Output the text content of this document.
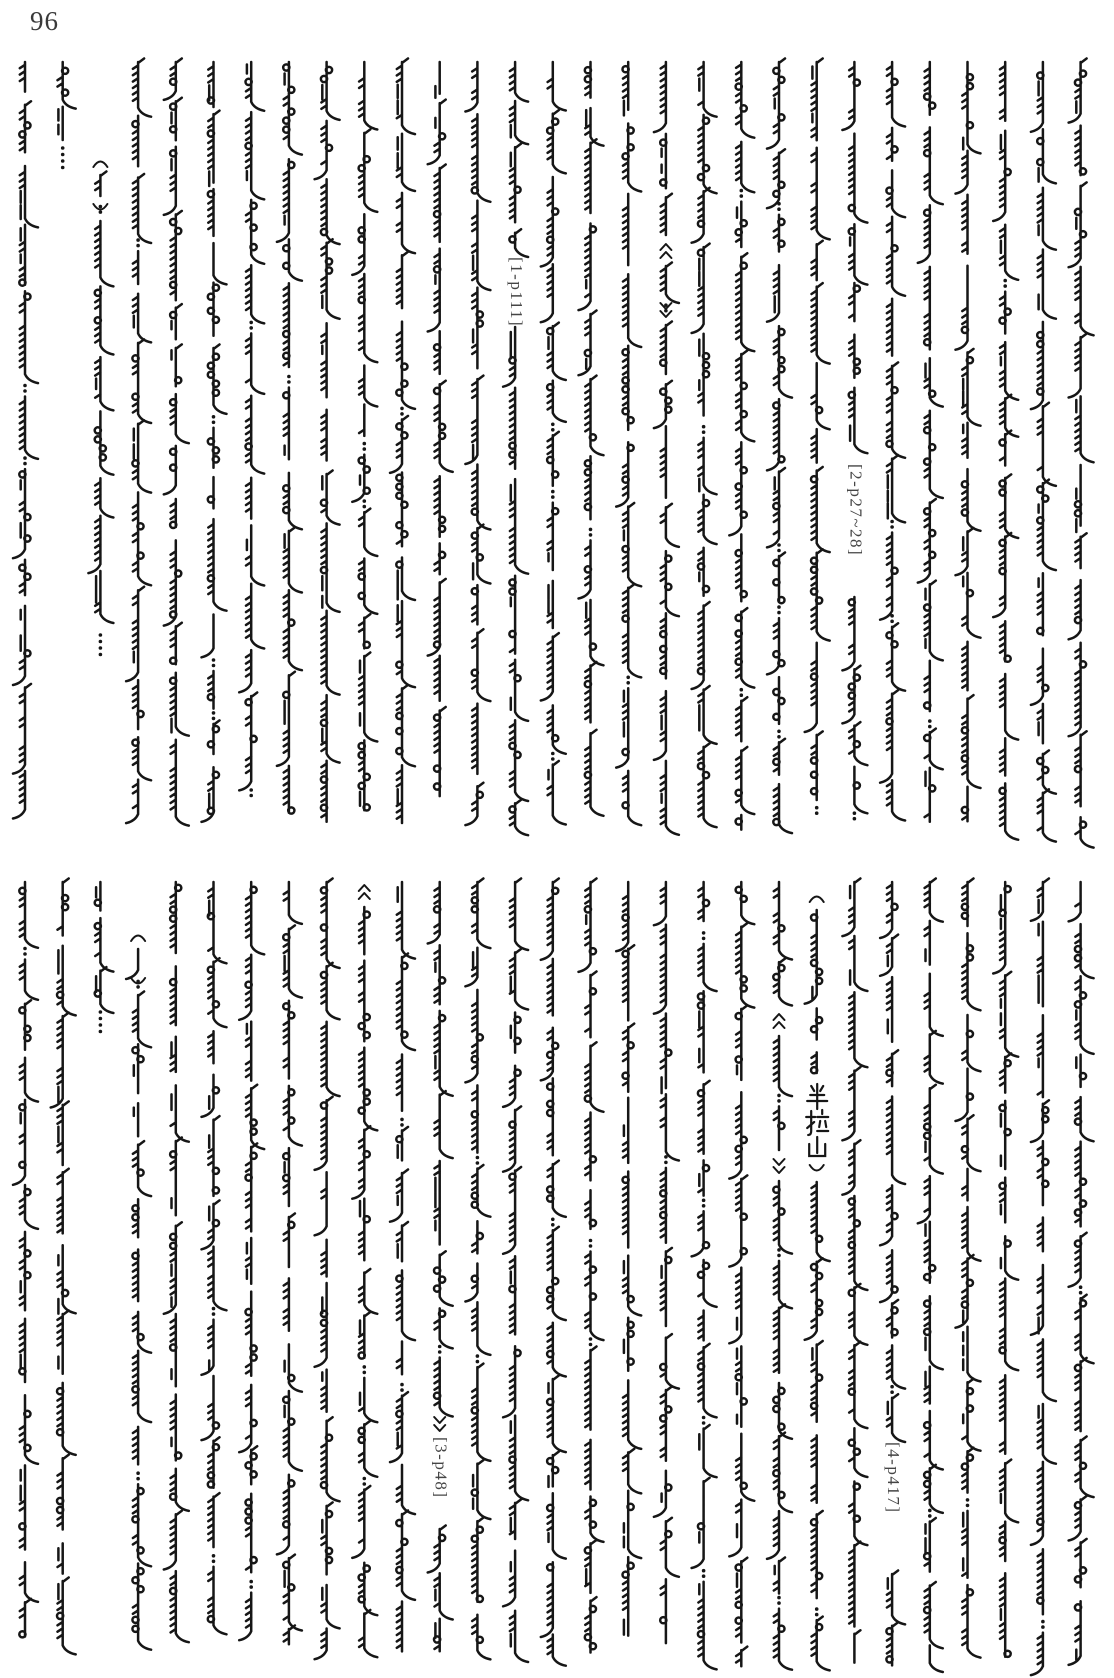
96
[1-p111]
[2-p27~28]
[3-p48]	[4-p417]
